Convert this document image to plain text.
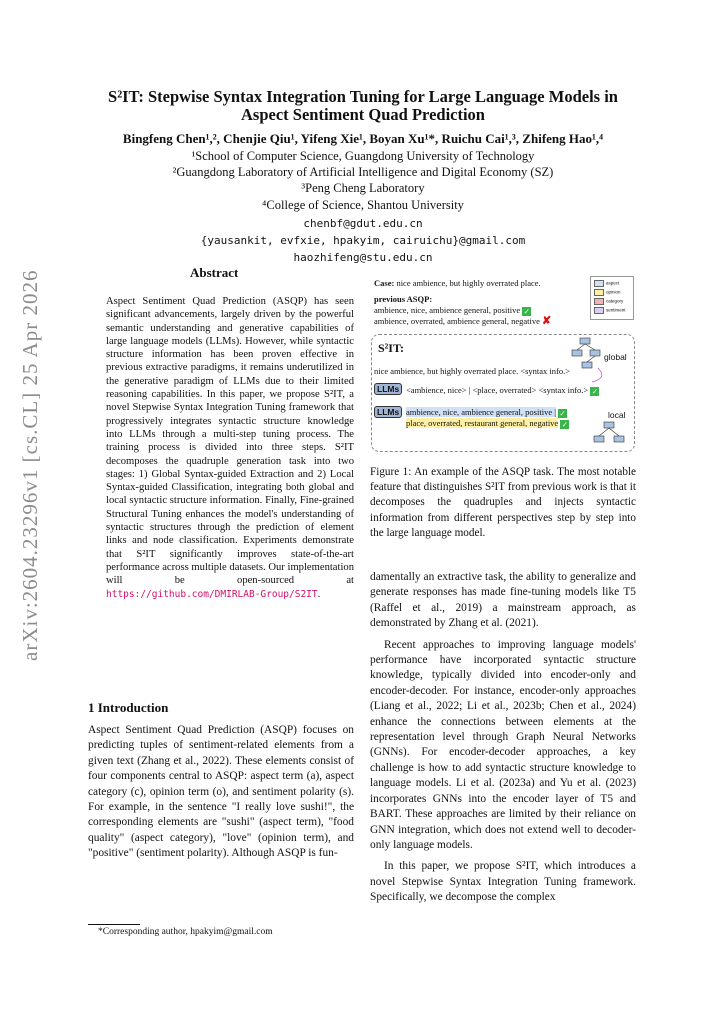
arXiv:2604.23296v1 [cs.CL] 25 Apr 2026
S²IT: Stepwise Syntax Integration Tuning for Large Language Models in
Aspect Sentiment Quad Prediction
Bingfeng Chen¹,², Chenjie Qiu¹, Yifeng Xie¹, Boyan Xu¹*, Ruichu Cai¹,³, Zhifeng Hao¹,⁴
¹School of Computer Science, Guangdong University of Technology
²Guangdong Laboratory of Artificial Intelligence and Digital Economy (SZ)
³Peng Cheng Laboratory
⁴College of Science, Shantou University
chenbf@gdut.edu.cn
{yausankit, evfxie, hpakyim, cairuichu}@gmail.com
haozhifeng@stu.edu.cn
Abstract
Aspect Sentiment Quad Prediction (ASQP) has seen significant advancements, largely driven by the powerful semantic understanding and generative capabilities of large language models (LLMs). However, while syntactic structure information has been proven effective in previous extractive paradigms, it remains underutilized in the generative paradigm of LLMs due to their limited reasoning capabilities. In this paper, we propose S²IT, a novel Stepwise Syntax Integration Tuning framework that progressively integrates syntactic structure knowledge into LLMs through a multi-step tuning process. The training process is divided into three steps. S²IT decomposes the quadruple generation task into two stages: 1) Global Syntax-guided Extraction and 2) Local Syntax-guided Classification, integrating both global and local syntactic structure information. Finally, Fine-grained Structural Tuning enhances the model's understanding of syntactic structures through the prediction of element links and node classification. Experiments demonstrate that S²IT significantly improves state-of-the-art performance across multiple datasets. Our implementation will be open-sourced at https://github.com/DMIRLAB-Group/S2IT.
Case: nice ambience, but highly overrated place.
previous ASQP:
ambience, nice, ambience general, positive ✓
ambience, overrated, ambience general, negative ✘
aspect
opinion
category
sentiment
S²IT:
global
nice ambience, but highly overrated place. <syntax info.>
LLMs <ambience, nice> | <place, overrated> <syntax info.> ✓
LLMs ambience, nice, ambience general, positive | ✓
place, overrated, restaurant general, negative ✓
local
Figure 1: An example of the ASQP task. The most notable feature that distinguishes S²IT from previous work is that it decomposes the quadruples and injects syntactic information from different perspectives step by step into the large language model.

damentally an extractive task, the ability to generalize and generate responses has made fine-tuning models like T5 (Raffel et al., 2019) a mainstream approach, as demonstrated by Zhang et al. (2021).

Recent approaches to improving language models' performance have incorporated syntactic structure knowledge, typically divided into encoder-only and encoder-decoder. For instance, encoder-only approaches (Liang et al., 2022; Li et al., 2023b; Chen et al., 2024) enhance the connections between elements at the representation level through Graph Neural Networks (GNNs). For encoder-decoder approaches, a key challenge is how to add syntactic structure knowledge to language models. Li et al. (2023a) and Yu et al. (2023) incorporates GNNs into the encoder layer of T5 and BART. These approaches are limited by their reliance on GNN integration, which does not extend well to decoder-only language models.

In this paper, we propose S²IT, which introduces a novel Stepwise Syntax Integration Tuning framework. Specifically, we decompose the complex

1 Introduction

Aspect Sentiment Quad Prediction (ASQP) focuses on predicting tuples of sentiment-related elements from a given text (Zhang et al., 2022). These elements consist of four components central to ASQP: aspect term (a), aspect category (c), opinion term (o), and sentiment polarity (s). For example, in the sentence "I really love sushi!", the corresponding elements are "sushi" (aspect term), "food quality" (aspect category), "love" (opinion term), and "positive" (sentiment polarity). Although ASQP is fun-

*Corresponding author, hpakyim@gmail.com
